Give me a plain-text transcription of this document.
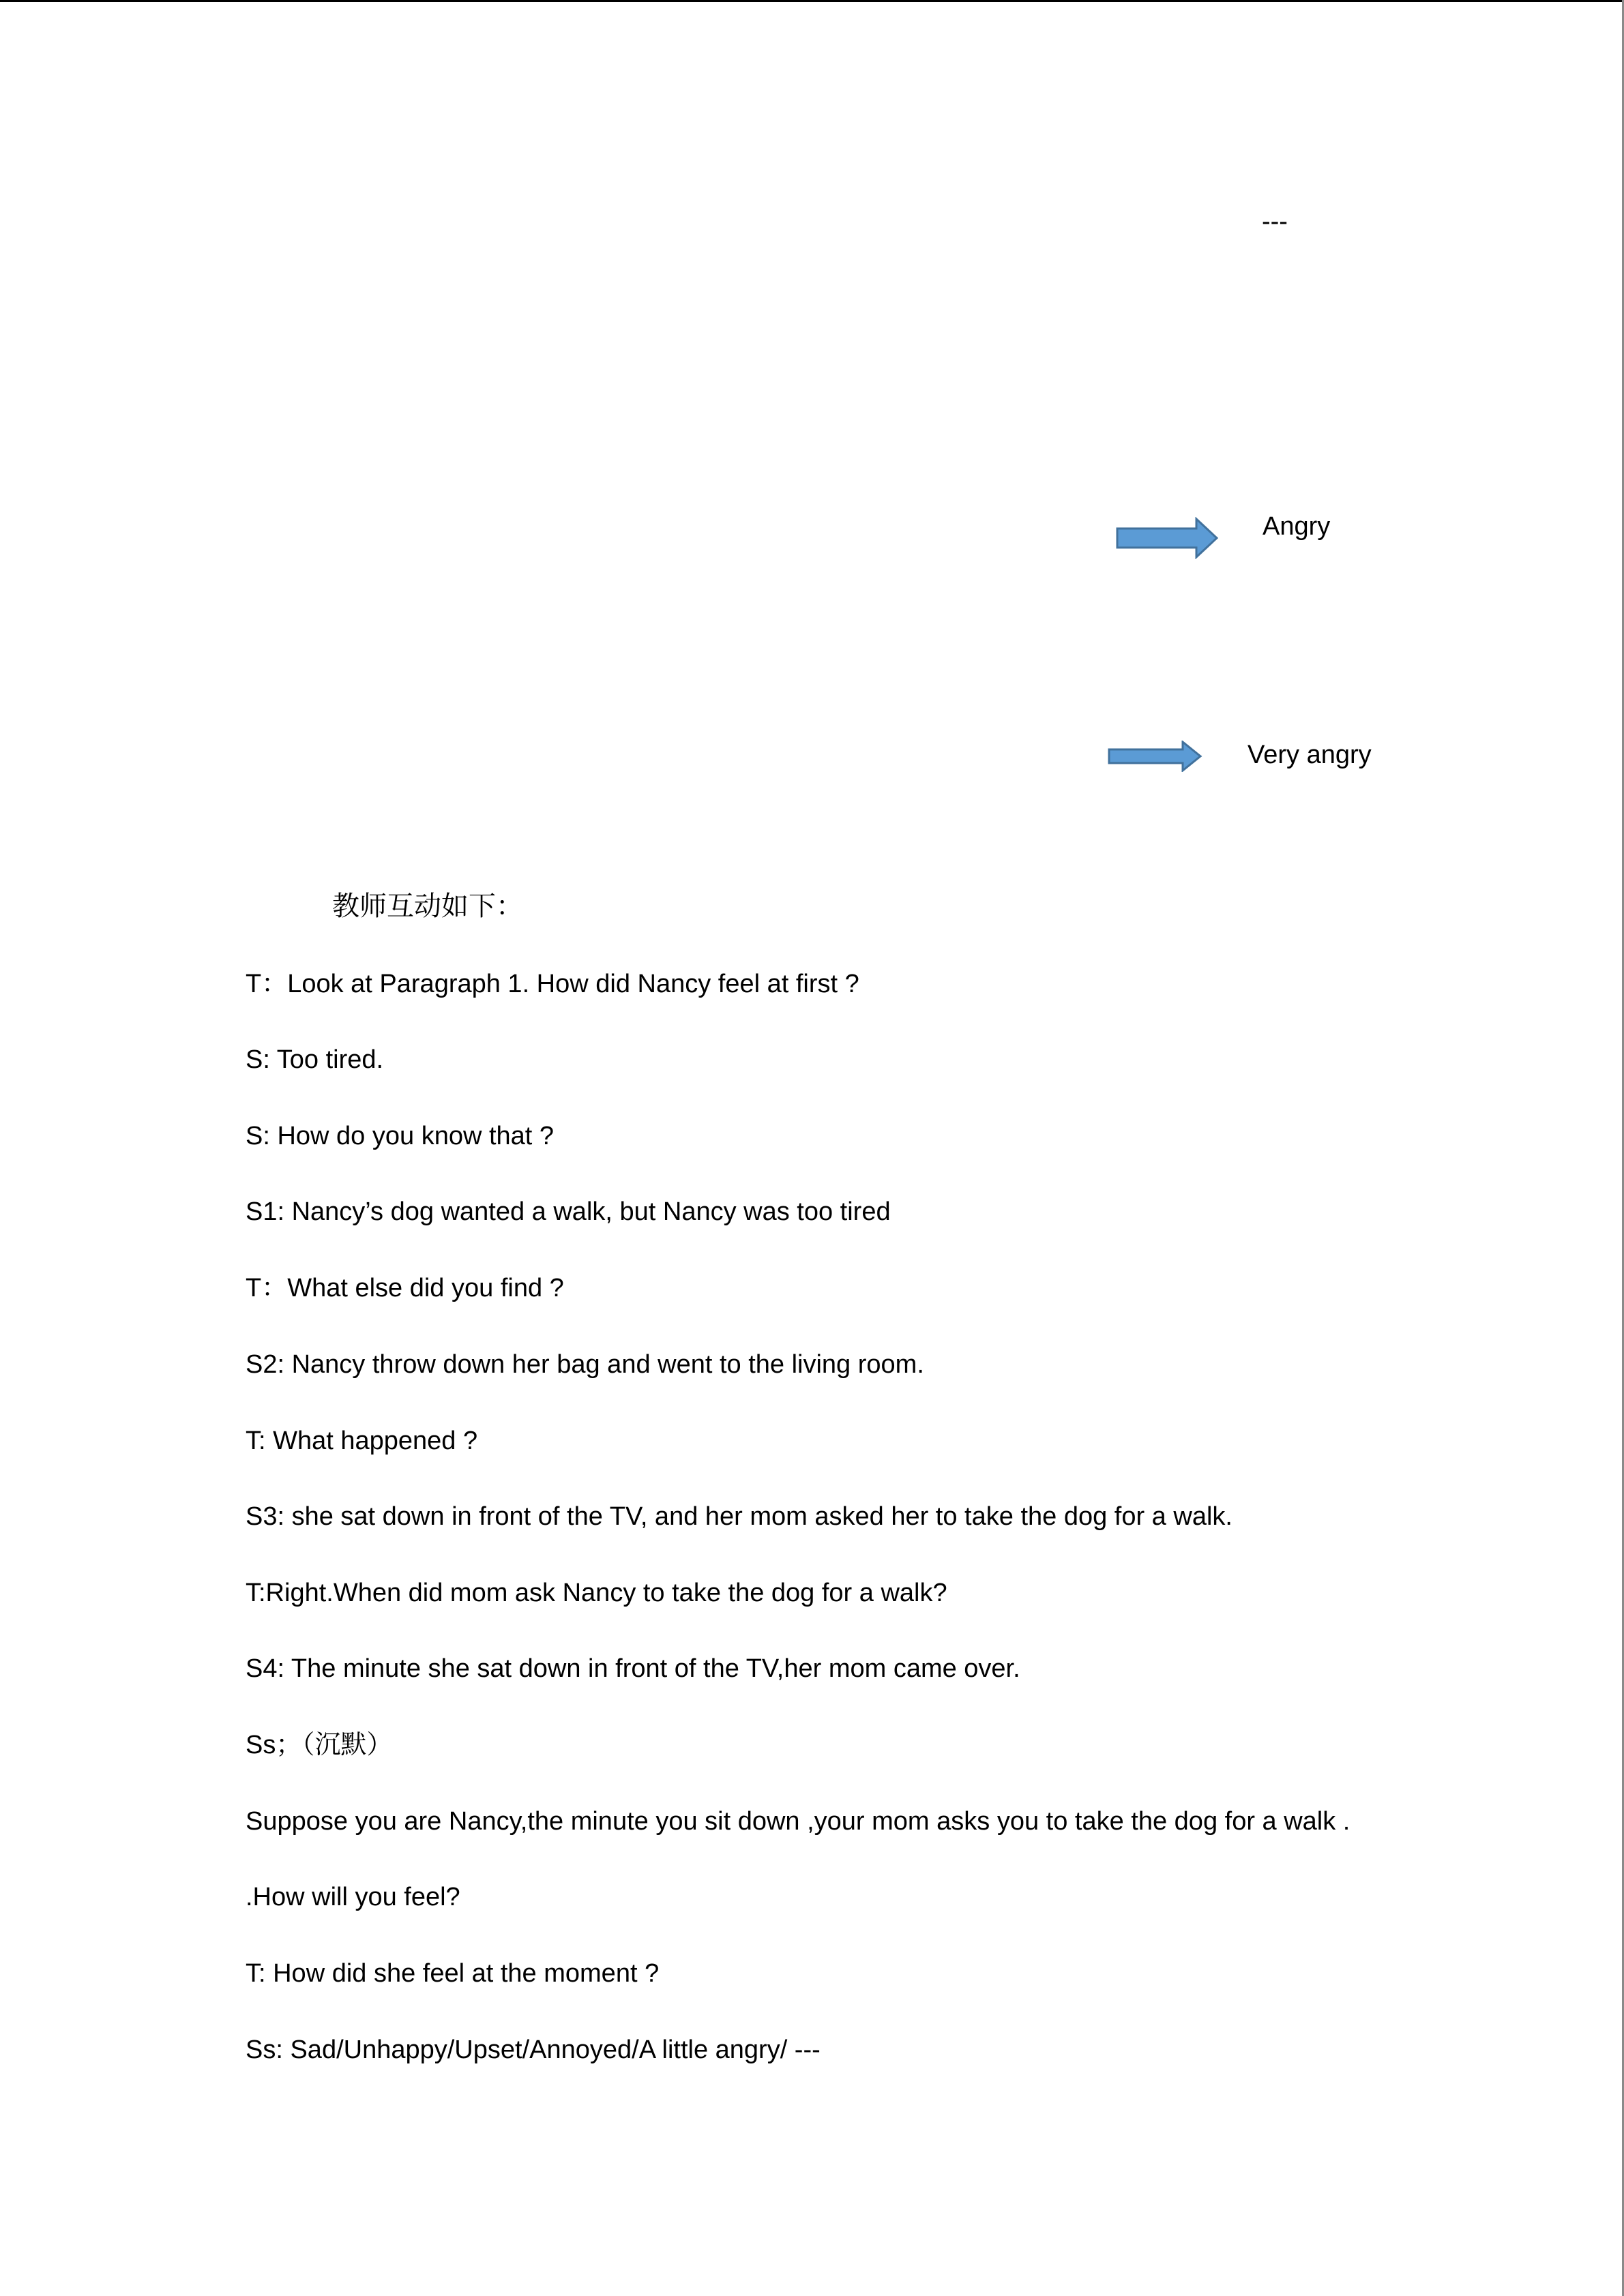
---
Angry
Very angry
教师互动如下：
T：Look at Paragraph 1. How did Nancy feel at first ?
S: Too tired.
S: How do you know that ?
S1: Nancy’s dog wanted a walk, but Nancy was too tired
T：What else did you find ?
S2: Nancy throw down her bag and went to the living room.
T: What happened ?
S3: she sat down in front of the TV, and her mom asked her to take the dog for a walk.
T:Right.When did mom ask Nancy to take the dog for a walk?
S4: The minute she sat down in front of the TV,her mom came over.
Ss；（沉默）
Suppose you are Nancy,the minute you sit down ,your mom asks you to take the dog for a walk .
.How will you feel?
T: How did she feel at the moment ?
Ss: Sad/Unhappy/Upset/Annoyed/A little angry/ ---
